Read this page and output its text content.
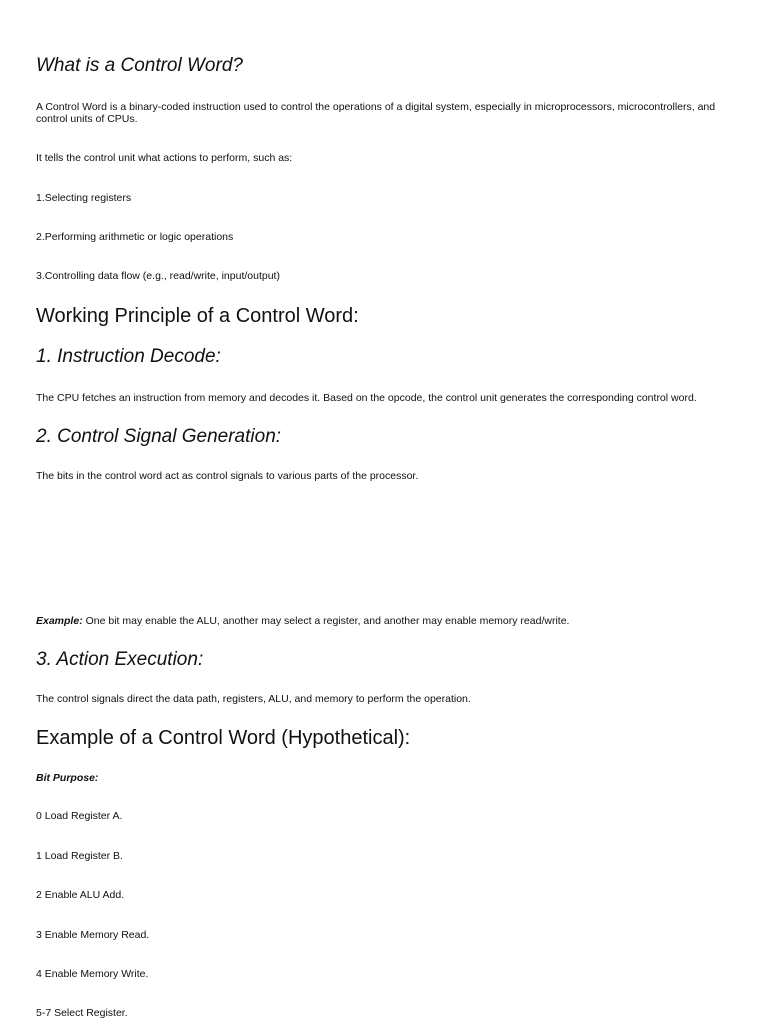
What is a Control Word?

A Control Word is a binary-coded instruction used to control the operations of a digital system, especially in microprocessors, microcontrollers, and control units of CPUs.

It tells the control unit what actions to perform, such as:

1.Selecting registers

2.Performing arithmetic or logic operations

3.Controlling data flow (e.g., read/write, input/output)

Working Principle of a Control Word:
1. Instruction Decode:

The CPU fetches an instruction from memory and decodes it. Based on the opcode, the control unit generates the corresponding control word.

2. Control Signal Generation:

The bits in the control word act as control signals to various parts of the processor.

Example: One bit may enable the ALU, another may select a register, and another may enable memory read/write.

3. Action Execution:

The control signals direct the data path, registers, ALU, and memory to perform the operation.

Example of a Control Word (Hypothetical):

Bit Purpose:

0 Load Register A.

1 Load Register B.

2 Enable ALU Add.

3 Enable Memory Read.

4 Enable Memory Write.

5-7 Select Register.
